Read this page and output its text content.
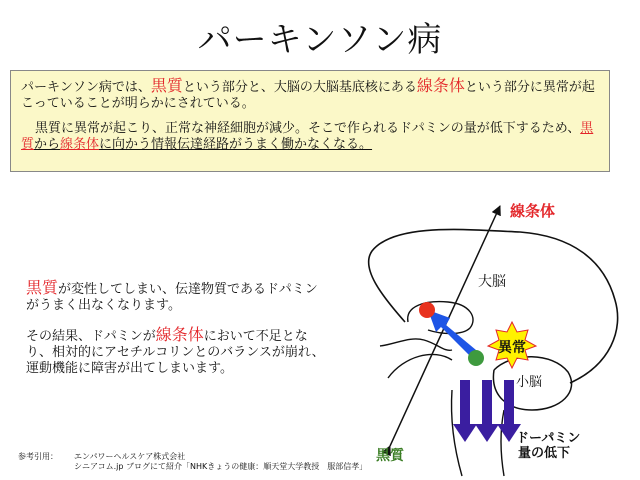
パーキンソン病

パーキンソン病では、黒質という部分と、大脳の大脳基底核にある線条体という部分に異常が起こっていることが明らかにされている。

黒質に異常が起こり、正常な神経細胞が減少。そこで作られるドパミンの量が低下するため、黒質から線条体に向かう情報伝達経路がうまく働かなくなる。

黒質が変性してしまい、伝達物質であるドパミンがうまく出なくなります。

その結果、ドパミンが線条体において不足となり、相対的にアセチルコリンとのバランスが崩れ、運動機能に障害が出てしまいます。

異常
線条体
大脳
小脳
黒質
ドーパミン
量の低下
参考引用：	エンパワーヘルスケア株式会社
シニアコム.jp ブログにて紹介「NHKきょうの健康：順天堂大学教授　服部信孝」
